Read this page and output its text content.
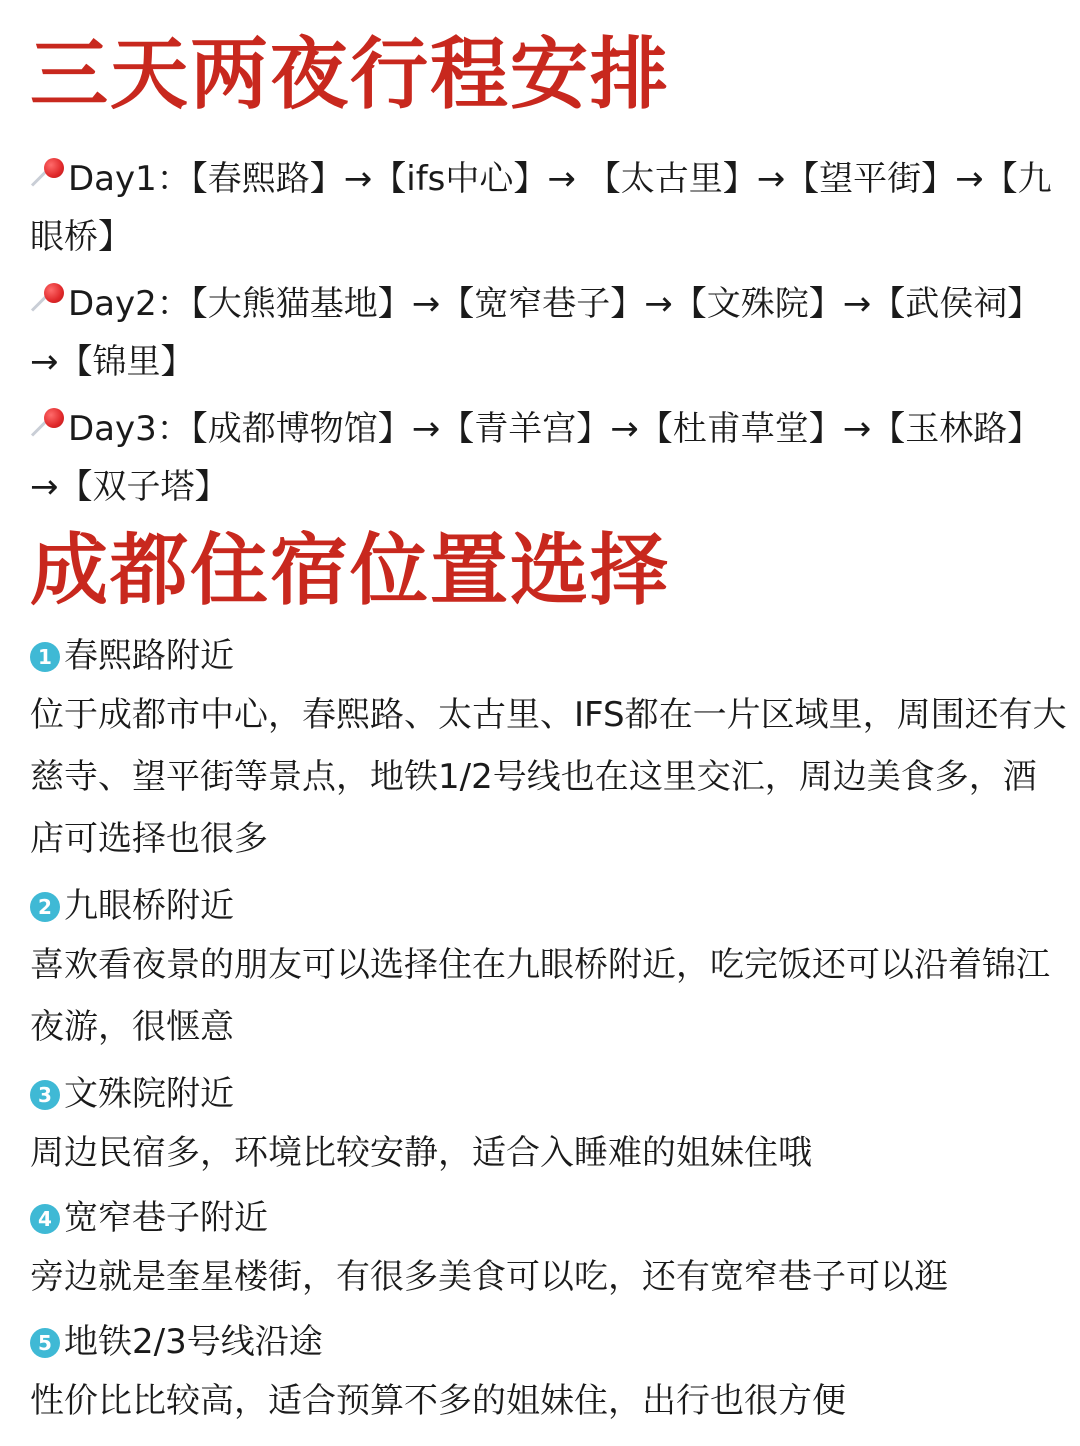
三天两夜行程安排

Day1：【春熙路】→【ifs中心】→ 【太古里】→【望平街】→【九眼桥】

Day2：【大熊猫基地】→【宽窄巷子】→【文殊院】→【武侯祠】→【锦里】

Day3：【成都博物馆】→【青羊宫】→【杜甫草堂】→【玉林路】→【双子塔】

成都住宿位置选择
1 春熙路附近

位于成都市中心，春熙路、太古里、IFS都在一片区域里，周围还有大慈寺、望平街等景点，地铁1/2号线也在这里交汇，周边美食多，酒店可选择也很多

2 九眼桥附近

喜欢看夜景的朋友可以选择住在九眼桥附近，吃完饭还可以沿着锦江夜游，很惬意

3 文殊院附近

周边民宿多，环境比较安静，适合入睡难的姐妹住哦

4 宽窄巷子附近

旁边就是奎星楼街，有很多美食可以吃，还有宽窄巷子可以逛

5 地铁2/3号线沿途

性价比比较高，适合预算不多的姐妹住，出行也很方便
